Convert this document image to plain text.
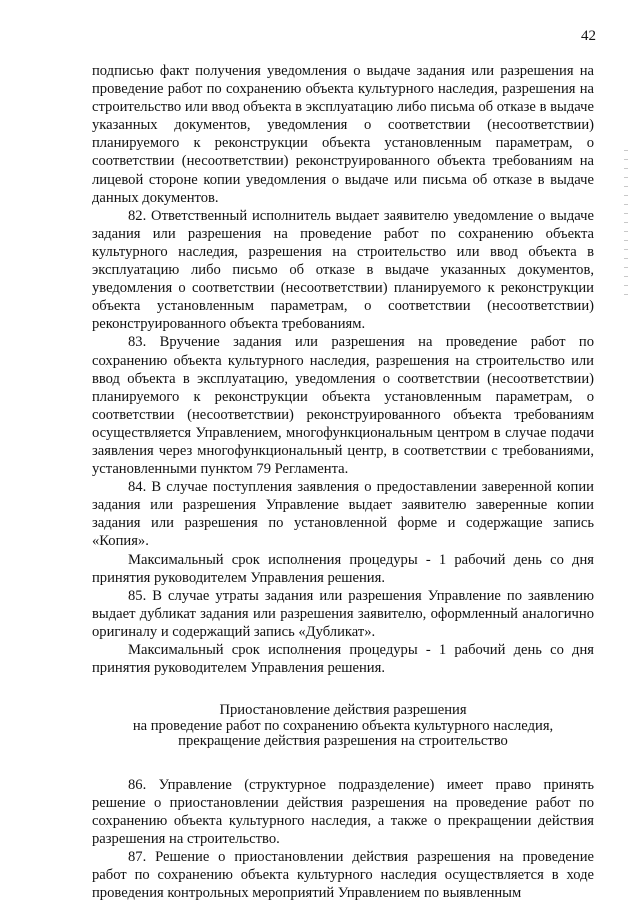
42

подписью факт получения уведомления о выдаче задания или разрешения на проведение работ по сохранению объекта культурного наследия, разрешения на строительство или ввод объекта в эксплуатацию либо письма об отказе в выдаче указанных документов, уведомления о соответствии (несоответствии) планируемого к реконструкции объекта установленным параметрам, о соответствии (несоответствии) реконструированного объекта требованиям на лицевой стороне копии уведомления о выдаче или письма об отказе в выдаче данных документов.

82. Ответственный исполнитель выдает заявителю уведомление о выдаче задания или разрешения на проведение работ по сохранению объекта культурного наследия, разрешения на строительство или ввод объекта в эксплуатацию либо письмо об отказе в выдаче указанных документов, уведомления о соответствии (несоответствии) планируемого к реконструкции объекта установленным параметрам, о соответствии (несоответствии) реконструированного объекта требованиям.

83. Вручение задания или разрешения на проведение работ по сохранению объекта культурного наследия, разрешения на строительство или ввод объекта в эксплуатацию, уведомления о соответствии (несоответствии) планируемого к реконструкции объекта установленным параметрам, о соответствии (несоответствии) реконструированного объекта требованиям осуществляется Управлением, многофункциональным центром в случае подачи заявления через многофункциональный центр, в соответствии с требованиями, установленными пунктом 79 Регламента.

84. В случае поступления заявления о предоставлении заверенной копии задания или разрешения Управление выдает заявителю заверенные копии задания или разрешения по установленной форме и содержащие запись «Копия».

Максимальный срок исполнения процедуры - 1 рабочий день со дня принятия руководителем Управления решения.

85. В случае утраты задания или разрешения Управление по заявлению выдает дубликат задания или разрешения заявителю, оформленный аналогично оригиналу и содержащий запись «Дубликат».

Максимальный срок исполнения процедуры - 1 рабочий день со дня принятия руководителем Управления решения.

Приостановление действия разрешения
на проведение работ по сохранению объекта культурного наследия,
прекращение действия разрешения на строительство

86. Управление (структурное подразделение) имеет право принять решение о приостановлении действия разрешения на проведение работ по сохранению объекта культурного наследия, а также о прекращении действия разрешения на строительство.

87. Решение о приостановлении действия разрешения на проведение работ по сохранению объекта культурного наследия осуществляется в ходе проведения контрольных мероприятий Управлением по выявленным
